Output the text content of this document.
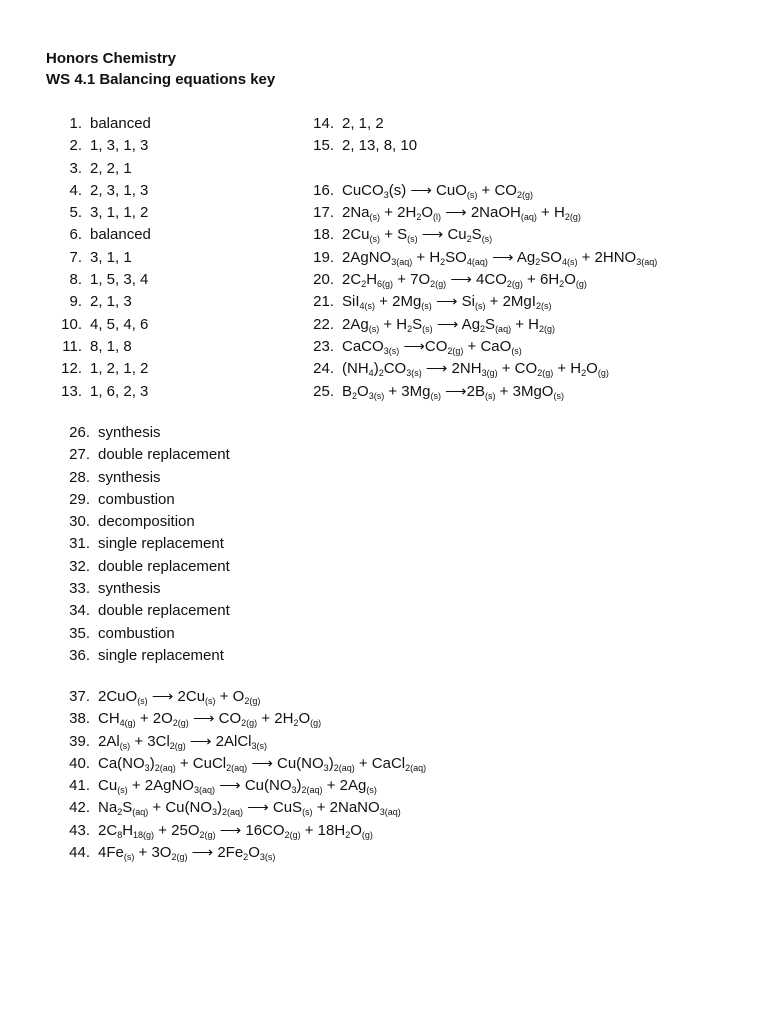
Honors Chemistry
WS 4.1 Balancing equations key
1. balanced
2. 1, 3, 1, 3
3. 2, 2, 1
4. 2, 3, 1, 3
5. 3, 1, 1, 2
6. balanced
7. 3, 1, 1
8. 1, 5, 3, 4
9. 2, 1, 3
10. 4, 5, 4, 6
11. 8, 1, 8
12. 1, 2, 1, 2
13. 1, 6, 2, 3
14. 2, 1, 2
15. 2, 13, 8, 10
16. CuCO$_3$(s) ⟶ $CuO_{(s)} + CO_{2(g)}$
17. $2Na_{(s)} + 2H_2O_{(l)}$ ⟶ 2NaOH$_{(aq)}$ + $H_{2(g)}$
18. $2Cu_{(s)} + S_{(s)}$ ⟶ $Cu_2S_{(s)}$
19. 2AgNO$_{3(aq)}$ + $H_2SO_{4(aq)}$ ⟶ $Ag_2SO_{4(s)} + 2HNO_{3(aq)}$
20. $2C_2H_{6(g)} + 7O_{2(g)}$ ⟶ $4CO_{2(g)} + 6H_2O_{(g)}$
21. $SiI_{4(s)} + 2Mg_{(s)}$ ⟶ $Si_{(s)} + 2MgI_{2(s)}$
22. $2Ag_{(s)} + H_2S_{(s)}$ ⟶ $Ag_2S_{(aq)} + H_{2(g)}$
23. CaCO$_{3(s)}$ $⟶CO_{2(g)} + CaO_{(s)}$
24. $(NH_4)_2CO_{3(s)}$ ⟶ $2NH_{3(g)} + CO_{2(g)} + H_2O_{(g)}$
25. $B_2O_{3(s)} + 3Mg_{(s)}$ $⟶2B_{(s)} + 3MgO_{(s)}$
26. synthesis
27. double replacement
28. synthesis
29. combustion
30. decomposition
31. single replacement
32. double replacement
33. synthesis
34. double replacement
35. combustion
36. single replacement
37. 2CuO$_{(s)}$ ⟶ $2Cu_{(s)} + O_{2(g)}$
38. $CH_{4(g)} + 2O_{2(g)}$ ⟶ $CO_{2(g)} + 2H_2O_{(g)}$
39. $2Al_{(s)} + 3Cl_{2(g)}$ ⟶ 2AlCl$_{3(s)}$
40. $Ca(NO_3)_{2(aq)}$ + CuCl$_{2(aq)}$ ⟶ $Cu(NO_3)_{2(aq)}$ + CaCl$_{2(aq)}$
41. $Cu_{(s)}$ + 2AgNO$_{3(aq)}$ ⟶ $Cu(NO_3)_{2(aq)} + 2Ag_{(s)}$
42. $Na_2S_{(aq)} + Cu(NO_3)_{2(aq)}$ ⟶ CuS$_{(s)}$ + 2NaNO$_{3(aq)}$
43. $2C_8H_{18(g)} + 25O_{2(g)}$ ⟶ $16CO_{2(g)} + 18H_2O_{(g)}$
44. $4Fe_{(s)} + 3O_{2(g)}$ ⟶ $2Fe_2O_{3(s)}$
